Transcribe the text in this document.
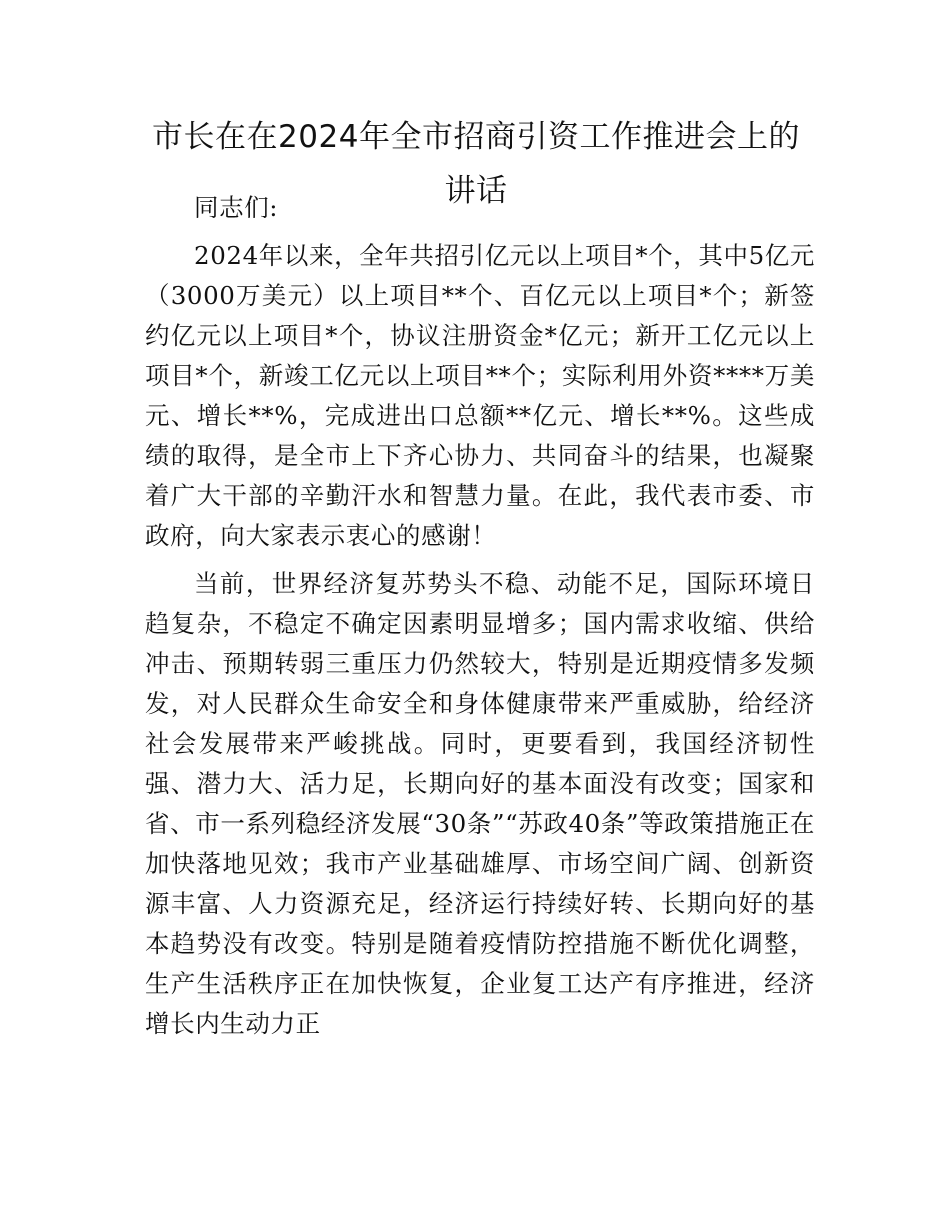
市长在在2024年全市招商引资工作推进会上的讲话

同志们:

2024年以来，全年共招引亿元以上项目*个，其中5亿元（3000万美元）以上项目**个、百亿元以上项目*个；新签约亿元以上项目*个，协议注册资金*亿元；新开工亿元以上项目*个，新竣工亿元以上项目**个；实际利用外资****万美元、增长**%，完成进出口总额**亿元、增长**%。这些成绩的取得，是全市上下齐心协力、共同奋斗的结果，也凝聚着广大干部的辛勤汗水和智慧力量。在此，我代表市委、市政府，向大家表示衷心的感谢！

当前，世界经济复苏势头不稳、动能不足，国际环境日趋复杂，不稳定不确定因素明显增多；国内需求收缩、供给冲击、预期转弱三重压力仍然较大，特别是近期疫情多发频发，对人民群众生命安全和身体健康带来严重威胁，给经济社会发展带来严峻挑战。同时，更要看到，我国经济韧性强、潜力大、活力足，长期向好的基本面没有改变；国家和省、市一系列稳经济发展“30条”“苏政40条”等政策措施正在加快落地见效；我市产业基础雄厚、市场空间广阔、创新资源丰富、人力资源充足，经济运行持续好转、长期向好的基本趋势没有改变。特别是随着疫情防控措施不断优化调整，生产生活秩序正在加快恢复，企业复工达产有序推进，经济增长内生动力正
